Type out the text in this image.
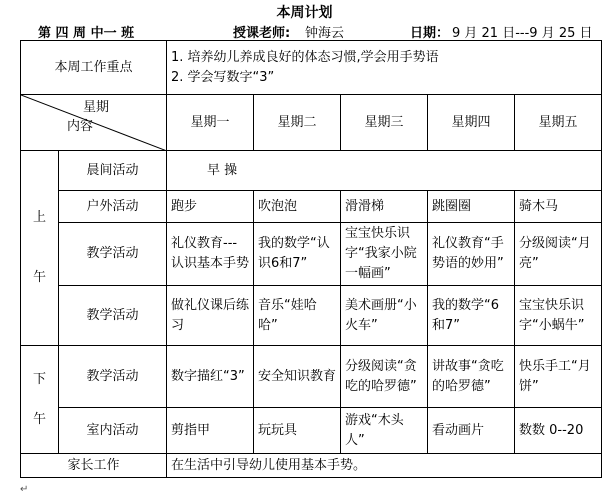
本周计划
第 四 周 中一 班	授课老师: 钟海云	日期： 9 月 21 日---9 月 25 日
本周工作重点		1. 培养幼儿养成良好的体态习惯,学会用手势语
2. 学会写数字“3”				

星期
内容		星期一	星期二	星期三	星期四	星期五
上

午	晨间活动	早 操				
	户外活动	跑步	吹泡泡	滑滑梯	跳圈圈	骑木马
	教学活动	礼仪教育---认识基本手势	我的数学“认识6和7”	宝宝快乐识字“我家小院一幅画”	礼仪教育“手势语的妙用”	分级阅读“月亮”
	教学活动	做礼仪课后练习	音乐“娃哈哈”	美术画册“小火车”	我的数学“6和7”	宝宝快乐识字“小蜗牛”
下

午	教学活动	数字描红“3”	安全知识教育	分级阅读“贪吃的哈罗德”	讲故事“贪吃的哈罗德”	快乐手工“月饼”
	室内活动	剪指甲	玩玩具	游戏“木头人”	看动画片	数数 0--20
家长工作		在生活中引导幼儿使用基本手势。				
↵
